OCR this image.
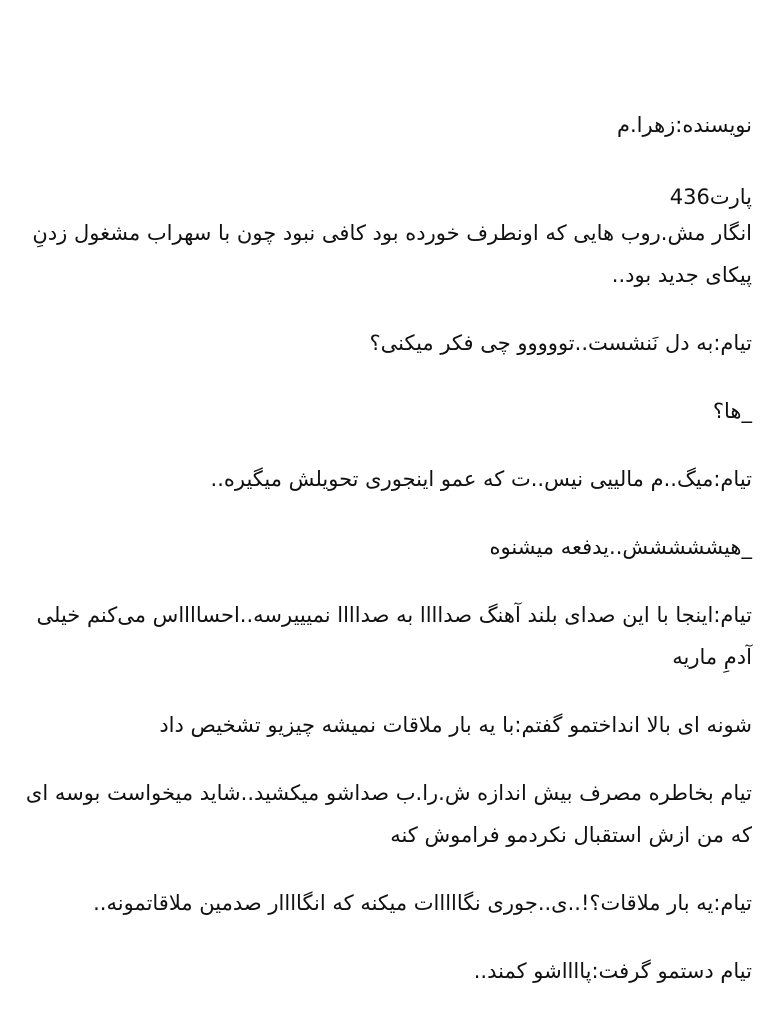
نویسنده:زهرا.م

پارت436

انگار مش.روب هایی که اونطرف خورده بود کافی نبود چون با سهراب مشغول زدنِ پیکای جدید بود..

تیام:به دل نَنشست..تووووو چی فکر میکنی؟

_ها؟

تیام:میگ..م مالییی نیس..ت که عمو اینجوری تحویلش میگیره..

_هیششششش..یدفعه میشنوه

تیام:اینجا با این صدای بلند آهنگ صداااا به صداااا نمیییرسه..احسااااس می‌کنم خیلی آدمِ ماریه

شونه ای بالا انداختمو گفتم:با یه بار ملاقات نمیشه چیزیو تشخیص داد

تیام بخاطره مصرف بیش اندازه ش.را.ب صداشو میکشید..شاید میخواست بوسه ای که من ازش استقبال نکردمو فراموش کنه

تیام:یه بار ملاقات؟!..ی..جوری نگااااات میکنه که انگاااار صدمین ملاقاتمونه..

تیام دستمو گرفت:پااااشو کمند..
